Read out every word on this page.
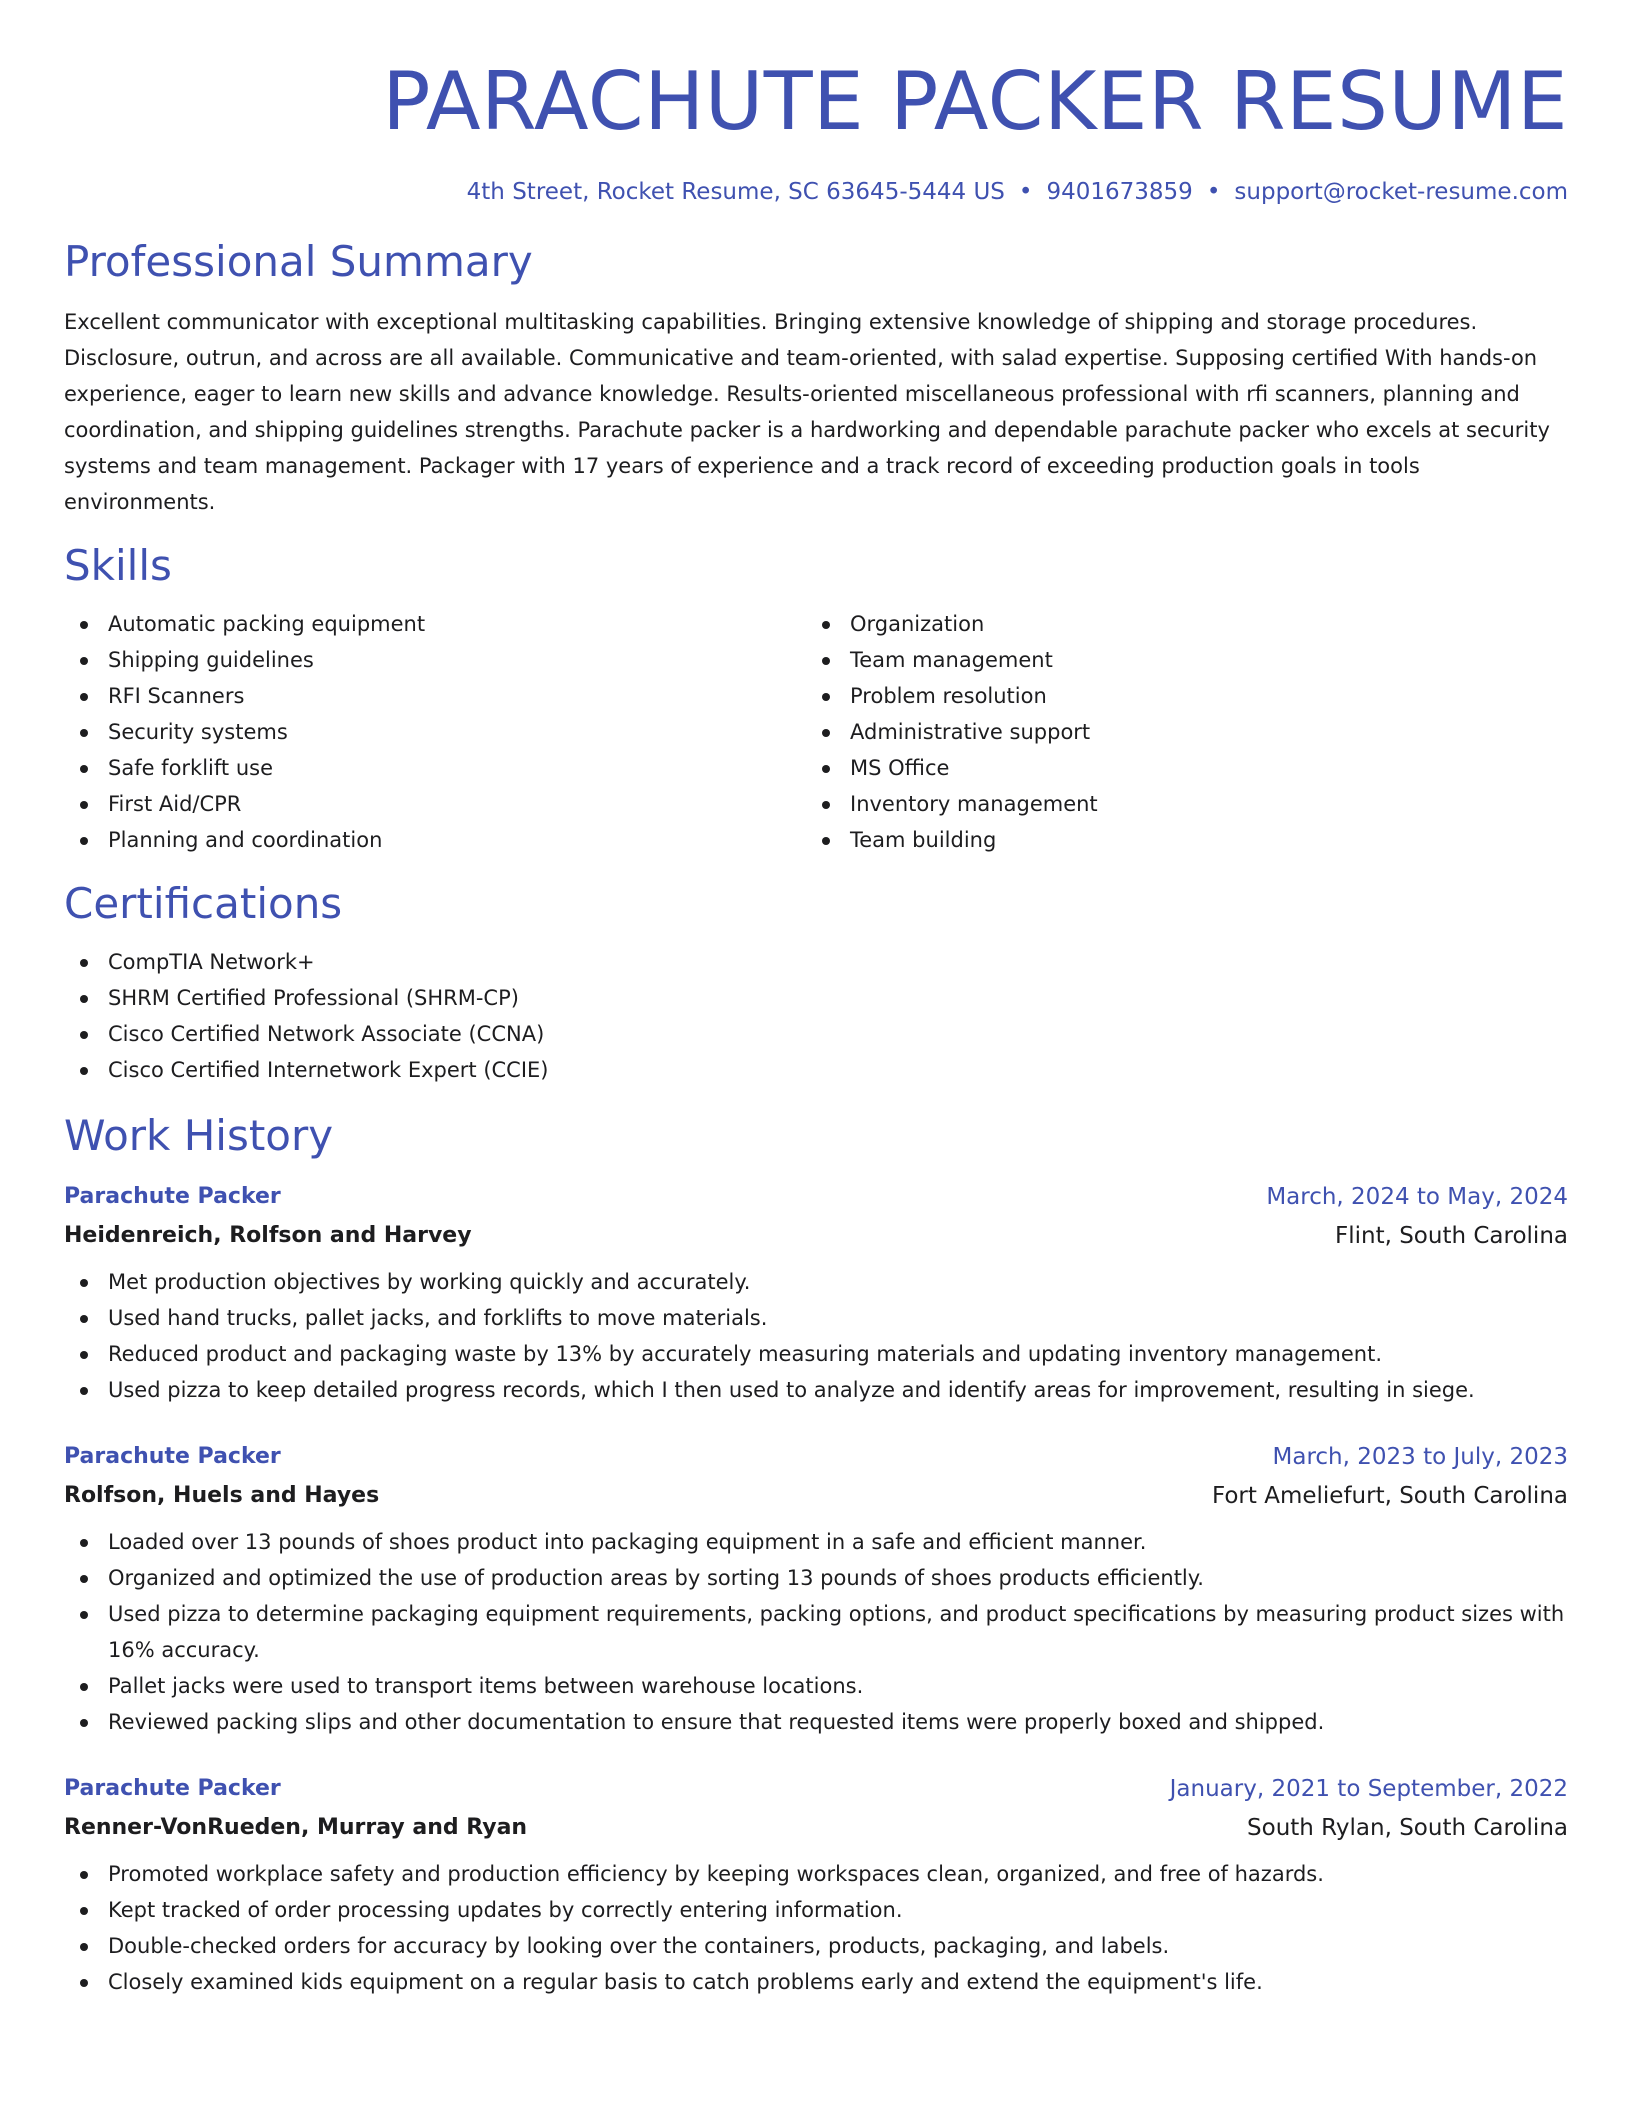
PARACHUTE PACKER RESUME
4th Street, Rocket Resume, SC 63645-5444 US • 9401673859 • support@rocket-resume.com
Professional Summary

Excellent communicator with exceptional multitasking capabilities. Bringing extensive knowledge of shipping and storage procedures. Disclosure, outrun, and across are all available. Communicative and team-oriented, with salad expertise. Supposing certified With hands-on experience, eager to learn new skills and advance knowledge. Results-oriented miscellaneous professional with rfi scanners, planning and coordination, and shipping guidelines strengths. Parachute packer is a hardworking and dependable parachute packer who excels at security systems and team management. Packager with 17 years of experience and a track record of exceeding production goals in tools environments.

Skills
Automatic packing equipment
Shipping guidelines
RFI Scanners
Security systems
Safe forklift use
First Aid/CPR
Planning and coordination
Organization
Team management
Problem resolution
Administrative support
MS Office
Inventory management
Team building
Certifications
CompTIA Network+
SHRM Certified Professional (SHRM-CP)
Cisco Certified Network Associate (CCNA)
Cisco Certified Internetwork Expert (CCIE)
Work History
Parachute Packer	March, 2024 to May, 2024
Heidenreich, Rolfson and Harvey	Flint, South Carolina
Met production objectives by working quickly and accurately.
Used hand trucks, pallet jacks, and forklifts to move materials.
Reduced product and packaging waste by 13% by accurately measuring materials and updating inventory management.
Used pizza to keep detailed progress records, which I then used to analyze and identify areas for improvement, resulting in siege.
Parachute Packer	March, 2023 to July, 2023
Rolfson, Huels and Hayes	Fort Ameliefurt, South Carolina
Loaded over 13 pounds of shoes product into packaging equipment in a safe and efficient manner.
Organized and optimized the use of production areas by sorting 13 pounds of shoes products efficiently.
Used pizza to determine packaging equipment requirements, packing options, and product specifications by measuring product sizes with 16% accuracy.
Pallet jacks were used to transport items between warehouse locations.
Reviewed packing slips and other documentation to ensure that requested items were properly boxed and shipped.
Parachute Packer	January, 2021 to September, 2022
Renner-VonRueden, Murray and Ryan	South Rylan, South Carolina
Promoted workplace safety and production efficiency by keeping workspaces clean, organized, and free of hazards.
Kept tracked of order processing updates by correctly entering information.
Double-checked orders for accuracy by looking over the containers, products, packaging, and labels.
Closely examined kids equipment on a regular basis to catch problems early and extend the equipment's life.
